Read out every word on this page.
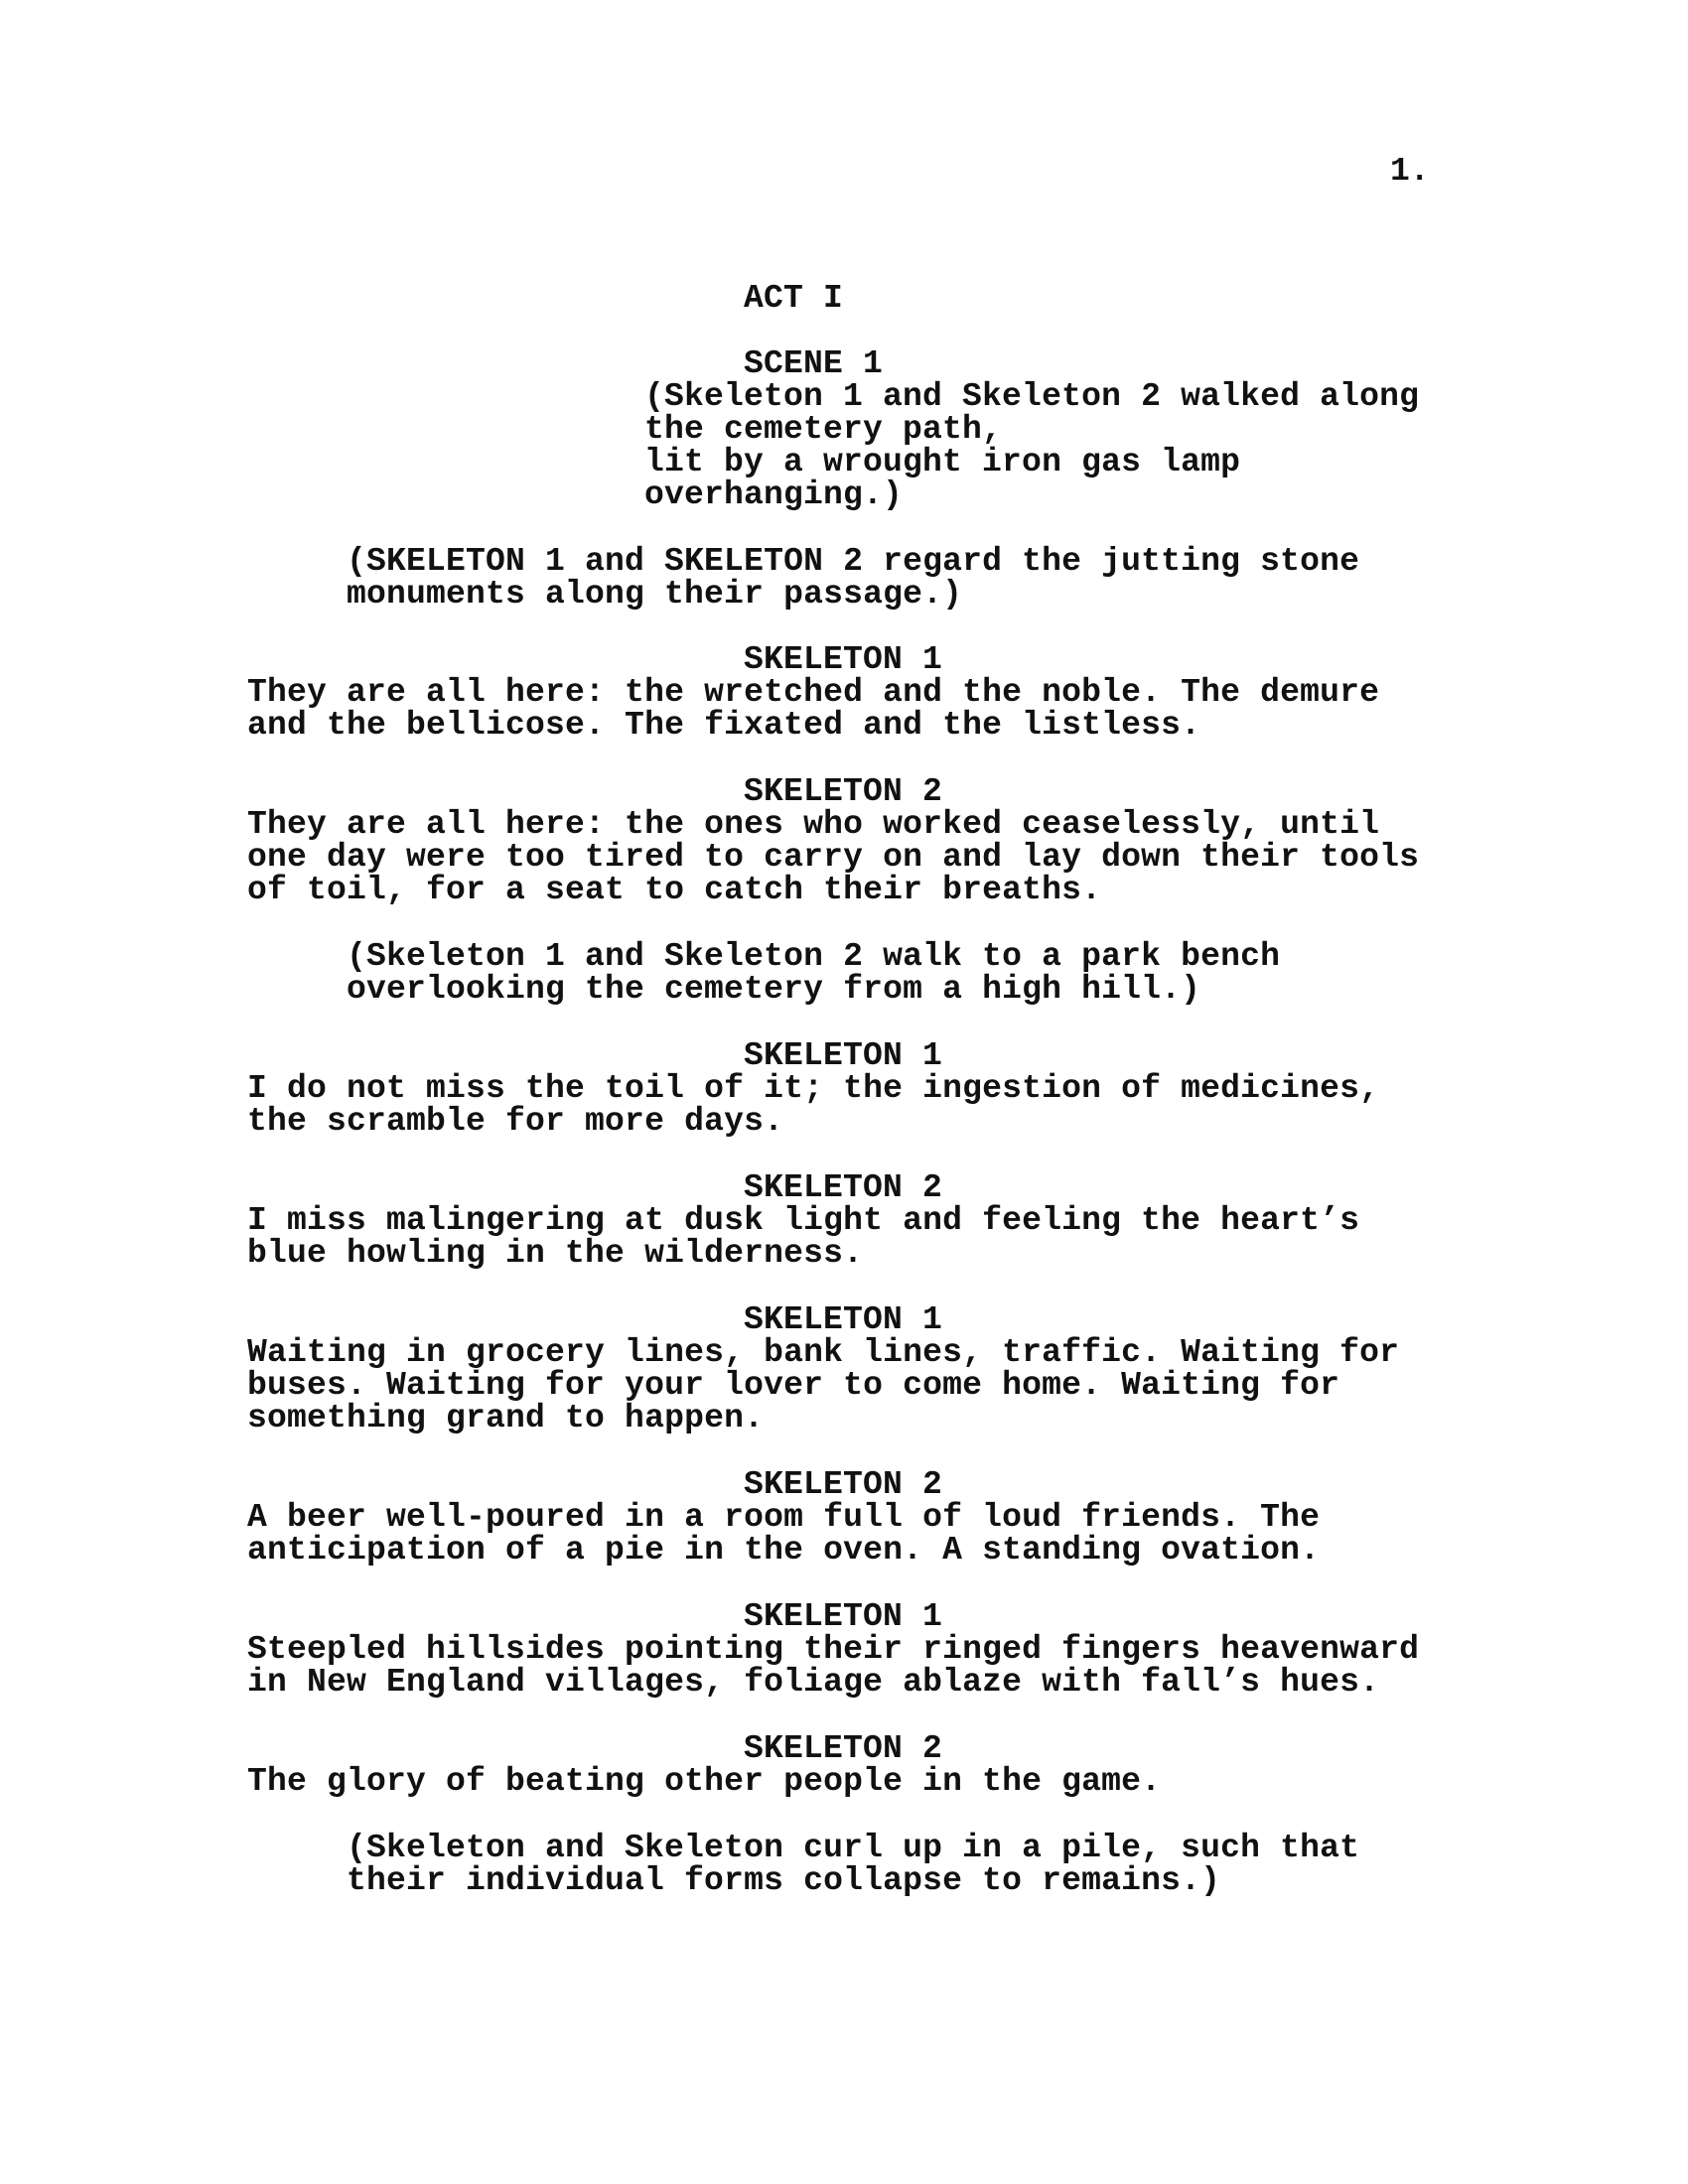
1.
ACT I
SCENE 1
(Skeleton 1 and Skeleton 2 walked along
the cemetery path,
lit by a wrought iron gas lamp
overhanging.)
(SKELETON 1 and SKELETON 2 regard the jutting stone
monuments along their passage.)
SKELETON 1
They are all here: the wretched and the noble. The demure
and the bellicose. The fixated and the listless.
SKELETON 2
They are all here: the ones who worked ceaselessly, until
one day were too tired to carry on and lay down their tools
of toil, for a seat to catch their breaths.
(Skeleton 1 and Skeleton 2 walk to a park bench
overlooking the cemetery from a high hill.)
SKELETON 1
I do not miss the toil of it; the ingestion of medicines,
the scramble for more days.
SKELETON 2
I miss malingering at dusk light and feeling the heart’s
blue howling in the wilderness.
SKELETON 1
Waiting in grocery lines, bank lines, traffic. Waiting for
buses. Waiting for your lover to come home. Waiting for
something grand to happen.
SKELETON 2
A beer well-poured in a room full of loud friends. The
anticipation of a pie in the oven. A standing ovation.
SKELETON 1
Steepled hillsides pointing their ringed fingers heavenward
in New England villages, foliage ablaze with fall’s hues.
SKELETON 2
The glory of beating other people in the game.
(Skeleton and Skeleton curl up in a pile, such that
their individual forms collapse to remains.)
